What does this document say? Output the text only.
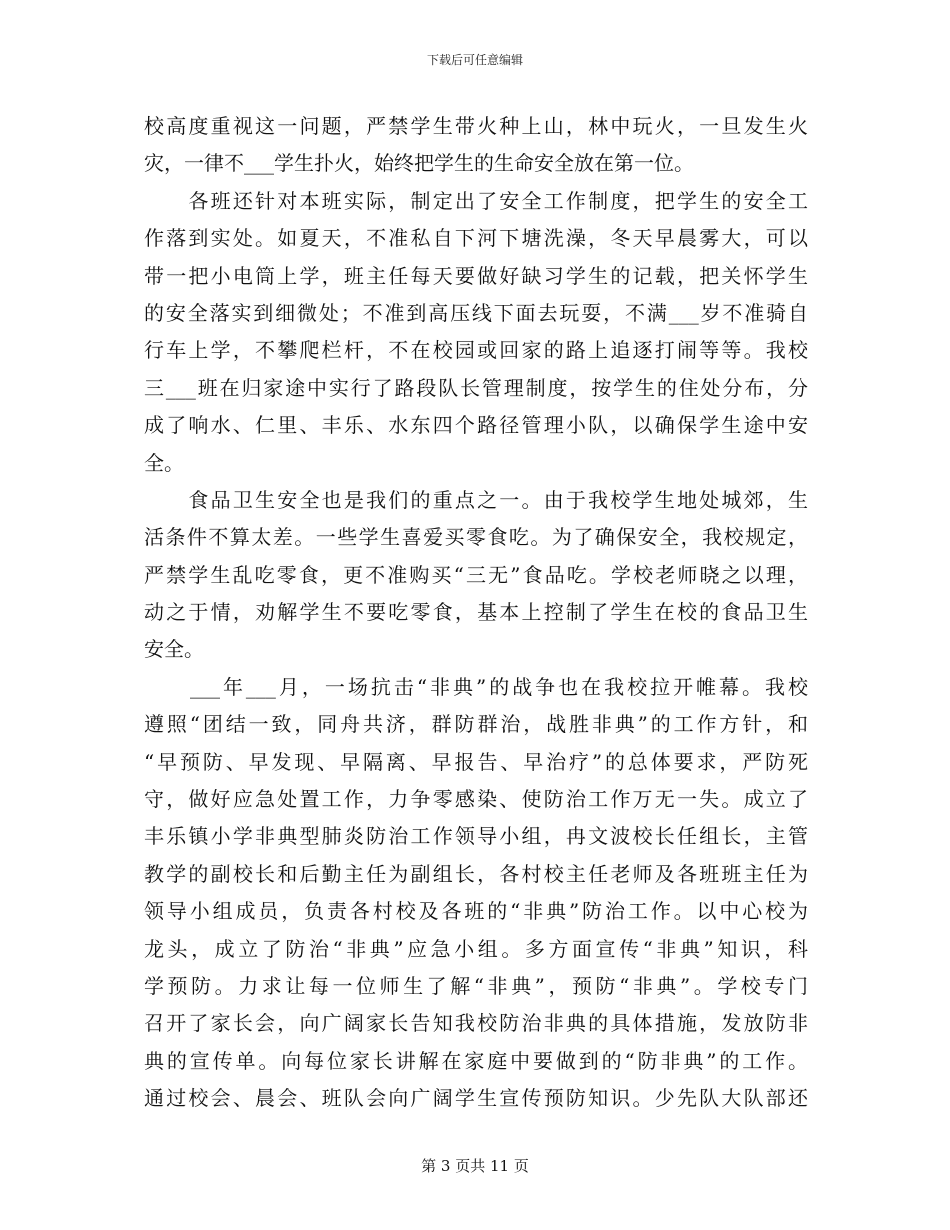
下载后可任意编辑
校高度重视这一问题，严禁学生带火种上山，林中玩火，一旦发生火
灾，一律不___学生扑火，始终把学生的生命安全放在第一位。
　　各班还针对本班实际，制定出了安全工作制度，把学生的安全工
作落到实处。如夏天，不准私自下河下塘洗澡，冬天早晨雾大，可以
带一把小电筒上学，班主任每天要做好缺习学生的记载，把关怀学生
的安全落实到细微处；不准到高压线下面去玩耍，不满___岁不准骑自
行车上学，不攀爬栏杆，不在校园或回家的路上追逐打闹等等。我校
三___班在归家途中实行了路段队长管理制度，按学生的住处分布，分
成了响水、仁里、丰乐、水东四个路径管理小队，以确保学生途中安
全。
　　食品卫生安全也是我们的重点之一。由于我校学生地处城郊，生
活条件不算太差。一些学生喜爱买零食吃。为了确保安全，我校规定，
严禁学生乱吃零食，更不准购买“三无”食品吃。学校老师晓之以理，
动之于情，劝解学生不要吃零食，基本上控制了学生在校的食品卫生
安全。
　　___年___月，一场抗击“非典”的战争也在我校拉开帷幕。我校
遵照“团结一致，同舟共济，群防群治，战胜非典”的工作方针，和
“早预防、早发现、早隔离、早报告、早治疗”的总体要求，严防死
守，做好应急处置工作，力争零感染、使防治工作万无一失。成立了
丰乐镇小学非典型肺炎防治工作领导小组，冉文波校长任组长，主管
教学的副校长和后勤主任为副组长，各村校主任老师及各班班主任为
领导小组成员，负责各村校及各班的“非典”防治工作。以中心校为
龙头，成立了防治“非典”应急小组。多方面宣传“非典”知识，科
学预防。力求让每一位师生了解“非典”，预防“非典”。学校专门
召开了家长会，向广阔家长告知我校防治非典的具体措施，发放防非
典的宣传单。向每位家长讲解在家庭中要做到的“防非典”的工作。
通过校会、晨会、班队会向广阔学生宣传预防知识。少先队大队部还
第 3 页共 11 页
